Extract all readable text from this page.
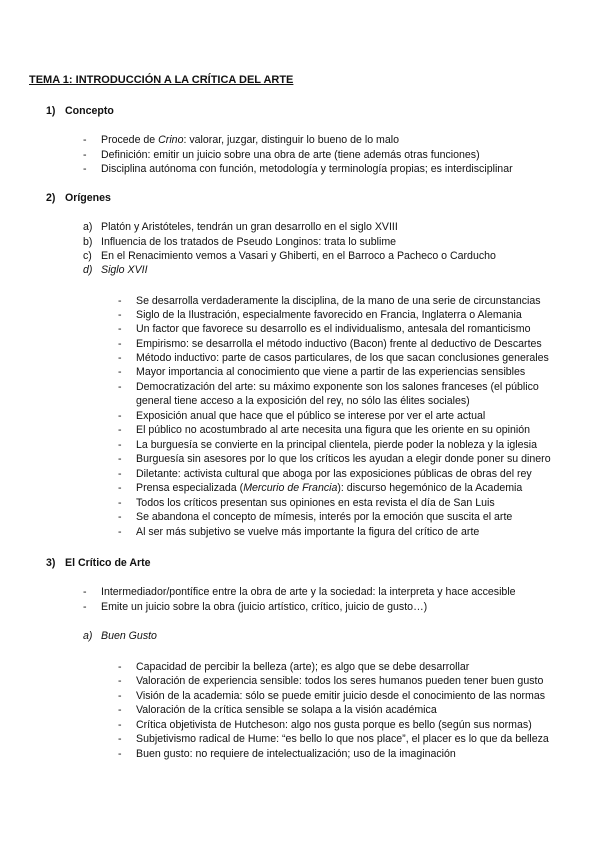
TEMA 1: INTRODUCCIÓN A LA CRÍTICA DEL ARTE
1) Concepto
- Procede de Crino: valorar, juzgar, distinguir lo bueno de lo malo
- Definición: emitir un juicio sobre una obra de arte (tiene además otras funciones)
- Disciplina autónoma con función, metodología y terminología propias; es interdisciplinar
2) Orígenes
a) Platón y Aristóteles, tendrán un gran desarrollo en el siglo XVIII
b) Influencia de los tratados de Pseudo Longinos: trata lo sublime
c) En el Renacimiento vemos a Vasari y Ghiberti, en el Barroco a Pacheco o Carducho
d) Siglo XVII
- Se desarrolla verdaderamente la disciplina, de la mano de una serie de circunstancias
- Siglo de la Ilustración, especialmente favorecido en Francia, Inglaterra o Alemania
- Un factor que favorece su desarrollo es el individualismo, antesala del romanticismo
- Empirismo: se desarrolla el método inductivo (Bacon) frente al deductivo de Descartes
- Método inductivo: parte de casos particulares, de los que sacan conclusiones generales
- Mayor importancia al conocimiento que viene a partir de las experiencias sensibles
- Democratización del arte: su máximo exponente son los salones franceses (el público
general tiene acceso a la exposición del rey, no sólo las élites sociales)
- Exposición anual que hace que el público se interese por ver el arte actual
- El público no acostumbrado al arte necesita una figura que les oriente en su opinión
- La burguesía se convierte en la principal clientela, pierde poder la nobleza y la iglesia
- Burguesía sin asesores por lo que los críticos les ayudan a elegir donde poner su dinero
- Diletante: activista cultural que aboga por las exposiciones públicas de obras del rey
- Prensa especializada (Mercurio de Francia): discurso hegemónico de la Academia
- Todos los críticos presentan sus opiniones en esta revista el día de San Luis
- Se abandona el concepto de mímesis, interés por la emoción que suscita el arte
- Al ser más subjetivo se vuelve más importante la figura del crítico de arte
3) El Crítico de Arte
- Intermediador/pontífice entre la obra de arte y la sociedad: la interpreta y hace accesible
- Emite un juicio sobre la obra (juicio artístico, crítico, juicio de gusto…)
a) Buen Gusto
- Capacidad de percibir la belleza (arte); es algo que se debe desarrollar
- Valoración de experiencia sensible: todos los seres humanos pueden tener buen gusto
- Visión de la academia: sólo se puede emitir juicio desde el conocimiento de las normas
- Valoración de la crítica sensible se solapa a la visión académica
- Crítica objetivista de Hutcheson: algo nos gusta porque es bello (según sus normas)
- Subjetivismo radical de Hume: “es bello lo que nos place”, el placer es lo que da belleza
- Buen gusto: no requiere de intelectualización; uso de la imaginación
